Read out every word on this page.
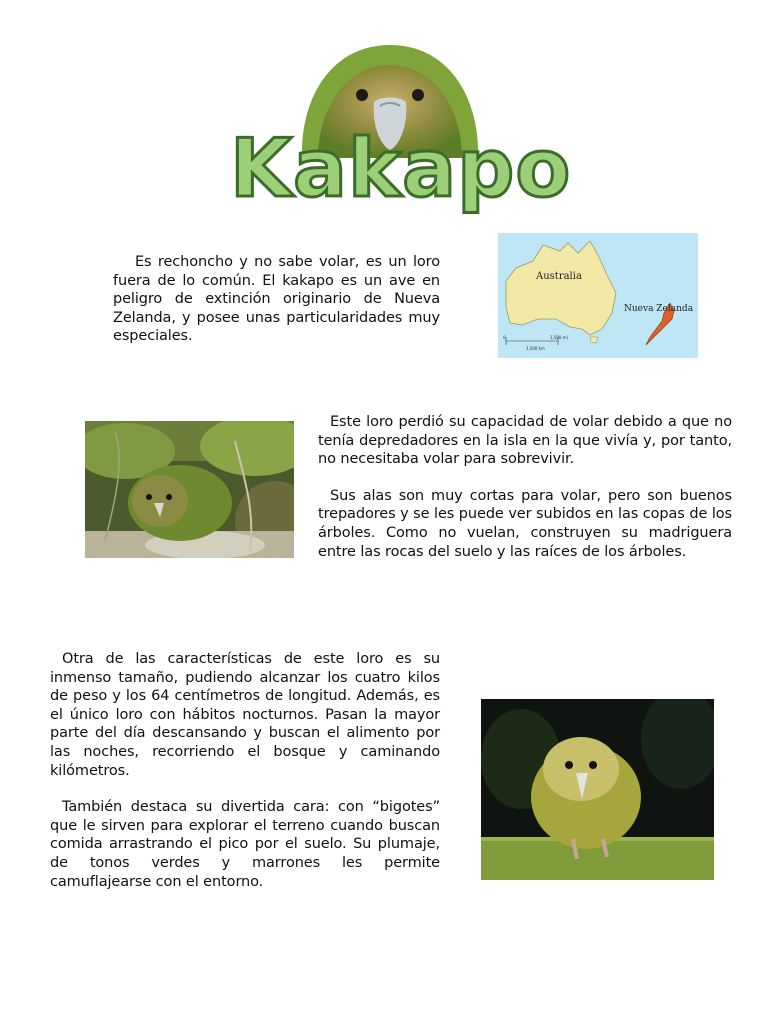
Kakapo
Es rechoncho y no sabe volar, es un loro fuera de lo común. El kakapo es un ave en peligro de extinción originario de Nueva Zelanda, y posee unas particularidades muy especiales.
Australia
Nueva Zelanda
0	1,500 mi
1,500 km

Este loro perdió su capacidad de volar debido a que no tenía depredadores en la isla en la que vivía y, por tanto, no necesitaba volar para sobrevivir.

Sus alas son muy cortas para volar, pero son buenos trepadores y se les puede ver subidos en las copas de los árboles. Como no vuelan, construyen su madriguera entre las rocas del suelo y las raíces de los árboles.

Otra de las características de este loro es su inmenso tamaño, pudiendo alcanzar los cuatro kilos de peso y los 64 centímetros de longitud. Además, es el único loro con hábitos nocturnos. Pasan la mayor parte del día descansando y buscan el alimento por las noches, recorriendo el bosque y caminando kilómetros.

También destaca su divertida cara: con “bigotes” que le sirven para explorar el terreno cuando buscan comida arrastrando el pico por el suelo. Su plumaje, de tonos verdes y marrones les permite camuflajearse con el entorno.
